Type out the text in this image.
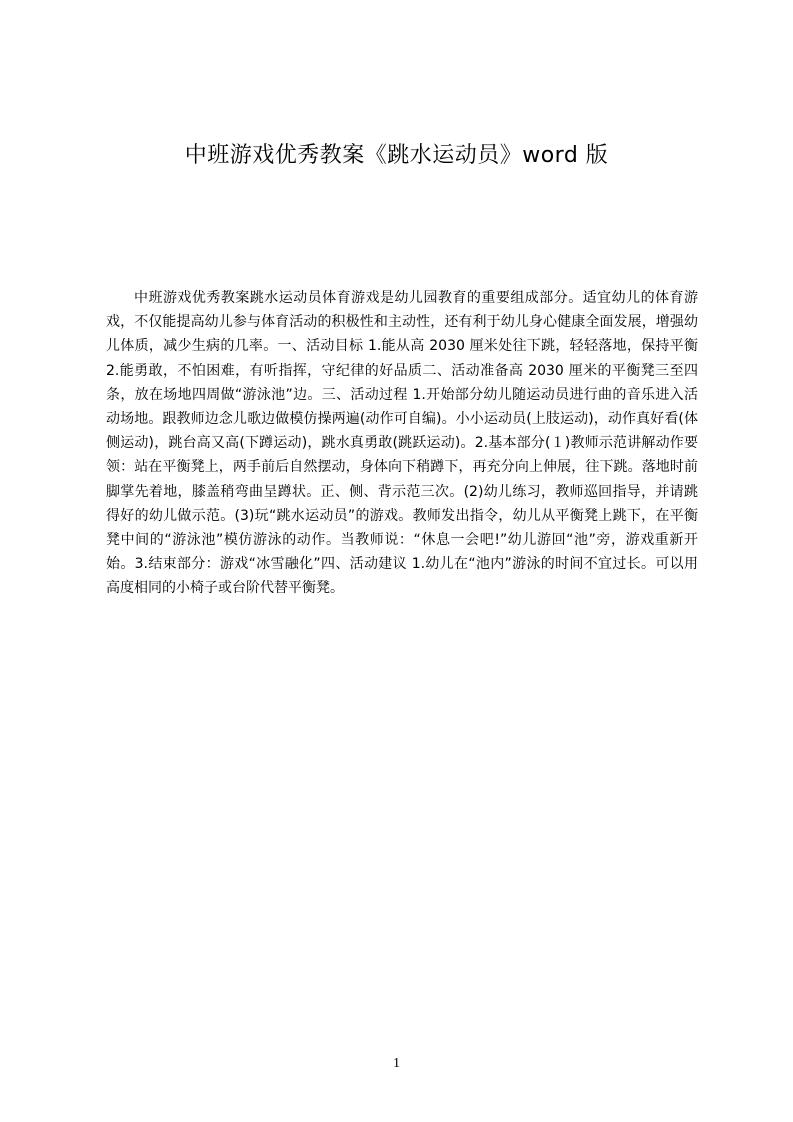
中班游戏优秀教案《跳水运动员》word 版

中班游戏优秀教案跳水运动员体育游戏是幼儿园教育的重要组成部分。适宜幼儿的体育游戏，不仅能提高幼儿参与体育活动的积极性和主动性，还有利于幼儿身心健康全面发展，增强幼儿体质，减少生病的几率。一、活动目标 1.能从高 2030 厘米处往下跳，轻轻落地，保持平衡 2.能勇敢，不怕困难，有听指挥，守纪律的好品质二、活动准备高 2030 厘米的平衡凳三至四条，放在场地四周做“游泳池”边。三、活动过程 1.开始部分幼儿随运动员进行曲的音乐进入活动场地。跟教师边念儿歌边做模仿操两遍(动作可自编)。小小运动员(上肢运动)，动作真好看(体侧运动)，跳台高又高(下蹲运动)，跳水真勇敢(跳跃运动)。2.基本部分(１)教师示范讲解动作要领：站在平衡凳上，两手前后自然摆动，身体向下稍蹲下，再充分向上伸展，往下跳。落地时前脚掌先着地，膝盖稍弯曲呈蹲状。正、侧、背示范三次。(2)幼儿练习，教师巡回指导，并请跳得好的幼儿做示范。(3)玩“跳水运动员”的游戏。教师发出指令，幼儿从平衡凳上跳下，在平衡凳中间的“游泳池”模仿游泳的动作。当教师说：“休息一会吧!”幼儿游回“池”旁，游戏重新开始。3.结束部分：游戏“冰雪融化”四、活动建议 1.幼儿在“池内”游泳的时间不宜过长。可以用高度相同的小椅子或台阶代替平衡凳。

1
